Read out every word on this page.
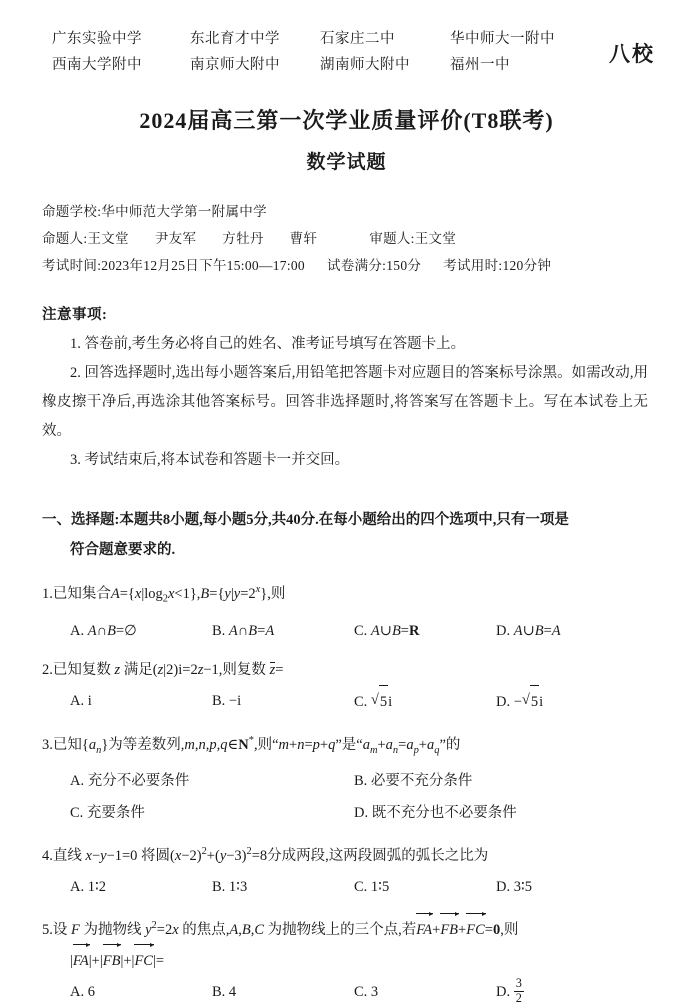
广东实验中学	东北育才中学	石家庄二中	华中师大一附中
西南大学附中	南京师大附中	湖南师大附中	福州一中	八校
2024届高三第一次学业质量评价(T8联考)
数学试题
命题学校:华中师范大学第一附属中学
命题人:王文堂 尹友军 方牡丹 曹轩	审题人:王文堂
考试时间:2023年12月25日下午15:00—17:00 试卷满分:150分 考试用时:120分钟
注意事项:
1. 答卷前,考生务必将自己的姓名、准考证号填写在答题卡上。
2. 回答选择题时,选出每小题答案后,用铅笔把答题卡对应题目的答案标号涂黑。如需改动,用橡皮擦干净后,再选涂其他答案标号。回答非选择题时,将答案写在答题卡上。写在本试卷上无效。
3. 考试结束后,将本试卷和答题卡一并交回。
一、选择题:本题共8小题,每小题5分,共40分.在每小题给出的四个选项中,只有一项是
符合题意要求的.
1.已知集合$A=\{x|\log_2x<1\},B=\{y|y=2^x\}$,则
A. A∩B=∅	B. A∩B=A	C. A∪B=R	D. A∪B=A
2.已知复数 z 满足(z|2)i=2z−1,则复数 z=
A. i	B. −i	C. √ 5i	D. − √ 5i
3.已知$\{a_n\}$为等差数列,m,n,p,q∈N*,则“m+n=p+q”是“$a_m+a_n=a_p+a_q$”的
A. 充分不必要条件	B. 必要不充分条件
C. 充要条件	D. 既不充分也不必要条件
4.直线 x−y−1=0 将圆$(x-2)^2+(y-3)^2=8$分成两段,这两段圆弧的弧长之比为
A. 1∶2	B. 1∶3	C. 1∶5	D. 3∶5
5.设 F 为抛物线 $y^2=2x$ 的焦点,A,B,C 为抛物线上的三个点,若FA+FB+FC=0,则
|FA|+|FB|+|FC|=
A. 6	B. 4	C. 3	D. $\frac{3}{2}$
